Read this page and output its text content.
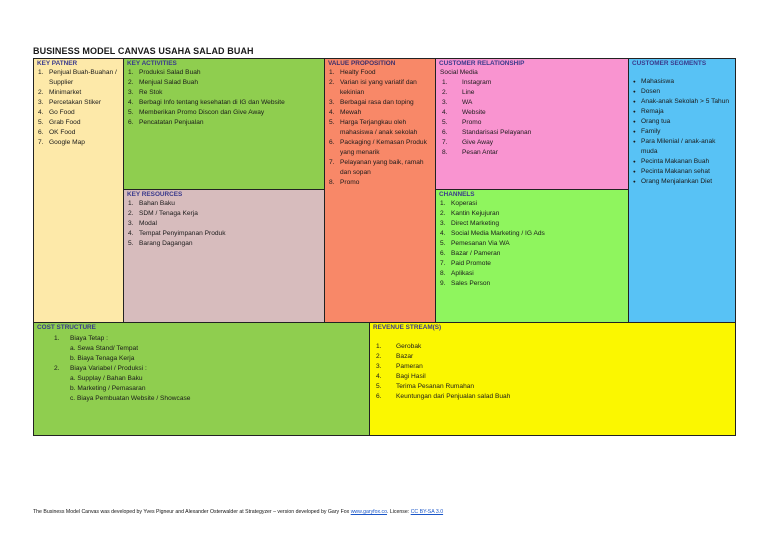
BUSINESS MODEL CANVAS USAHA SALAD BUAH
KEY PATNER
1. Penjual Buah-Buahan / Supplier
2. Minimarket
3. Percetakan Stiker
4. Go Food
5. Grab Food
6. OK Food
7. Google Map
KEY ACTIVITIES
1. Produksi Salad Buah
2. Menjual Salad Buah
3. Re Stok
4. Berbagi Info tentang kesehatan di IG dan Website
5. Memberikan Promo Discon dan Give Away
6. Pencatatan Penjualan
KEY RESOURCES
1. Bahan Baku
2. SDM / Tenaga Kerja
3. Modal
4. Tempat Penyimpanan Produk
5. Barang Dagangan
VALUE PROPOSITION
1. Healty Food
2. Varian isi yang variatif dan kekinian
3. Berbagai rasa dan toping
4. Mewah
5. Harga Terjangkau oleh mahasiswa / anak sekolah
6. Packaging / Kemasan Produk yang menarik
7. Pelayanan yang baik, ramah dan sopan
8. Promo
CUSTOMER RELATIONSHIP
Social Media
1. Instagram
2. Line
3. WA
4. Website
5. Promo
6. Standarisasi Pelayanan
7. Give Away
8. Pesan Antar
CHANNELS
1. Koperasi
2. Kantin Kejujuran
3. Direct Marketing
4. Social Media Marketing / IG Ads
5. Pemesanan Via WA
6. Bazar / Pameran
7. Paid Promote
8. Aplikasi
9. Sales Person
CUSTOMER SEGMENTS
● Mahasiswa
● Dosen
● Anak-anak Sekolah > 5 Tahun
● Remaja
● Orang tua
● Family
● Para Milenial / anak-anak muda
● Pecinta Makanan Buah
● Pecinta Makanan sehat
● Orang Menjalankan Diet
COST STRUCTURE
1. Biaya Tetap :
a. Sewa Stand/ Tempat
b. Biaya Tenaga Kerja
2. Biaya Variabel / Produksi :
a. Supplay / Bahan Baku
b. Marketing / Pemasaran
c. Biaya Pembuatan Website / Showcase
REVENUE STREAM(S)
1. Gerobak
2. Bazar
3. Pameran
4. Bagi Hasil
5. Terima Pesanan Rumahan
6. Keuntungan dari Penjualan salad Buah
The Business Model Canvas was developed by Yves Pigneur and Alexander Osterwalder at Strategyzer – version developed by Gary Fox www.garyfox.co. License: CC BY-SA 3.0
